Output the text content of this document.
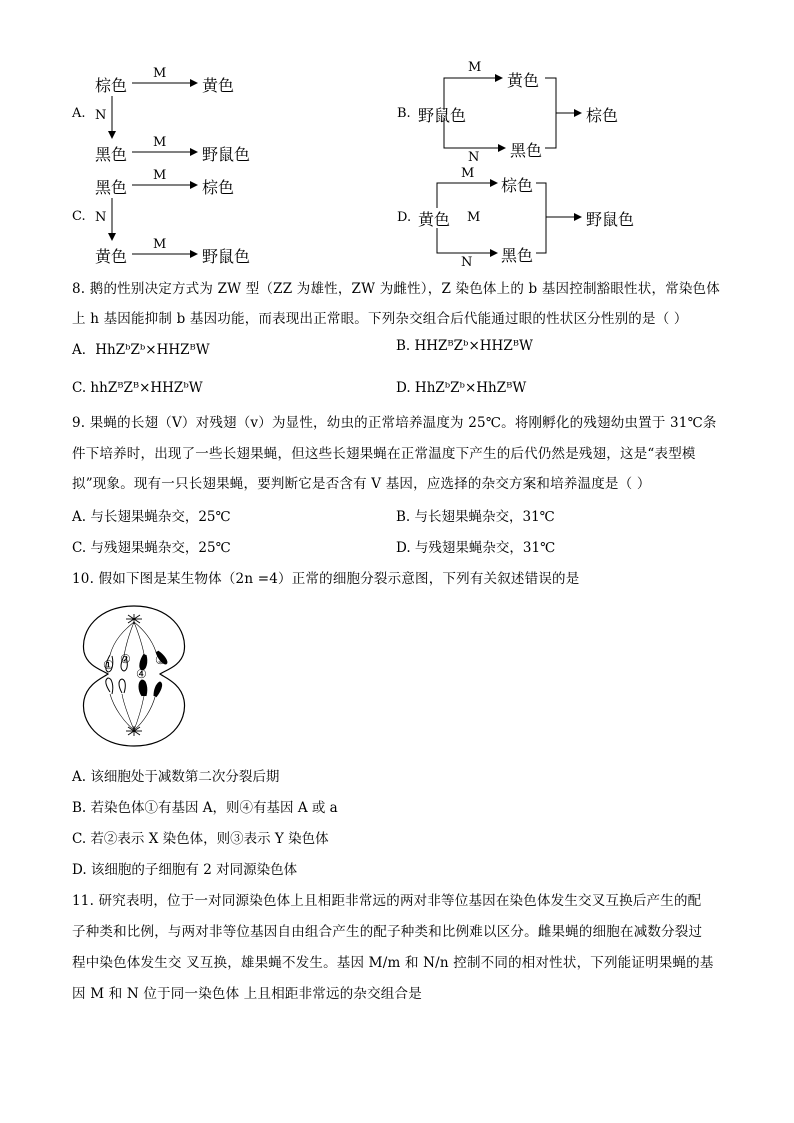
A.
棕色
M
黄色
N
黑色
M
野鼠色
C.
黑色
M
棕色
N
黄色
M
野鼠色
B. 野鼠色
M
黄色
N 黑色
棕色
D. 黄色 M
M
棕色
N 黑色
野鼠色
8. 鹅的性别决定方式为 ZW 型（ZZ 为雄性，ZW 为雌性），Z 染色体上的 b 基因控制豁眼性状，常染色体
上 h 基因能抑制 b 基因功能，而表现出正常眼。下列杂交组合后代能通过眼的性状区分性别的是（ ）
A．HhZᵇZᵇ×HHZᴮW	B. HHZᴮZᵇ×HHZᴮW
C. hhZᴮZᴮ×HHZᵇW	D. HhZᵇZᵇ×HhZᴮW
9. 果蝇的长翅（V）对残翅（v）为显性，幼虫的正常培养温度为 25℃。将刚孵化的残翅幼虫置于 31℃条
件下培养时，出现了一些长翅果蝇，但这些长翅果蝇在正常温度下产生的后代仍然是残翅，这是“表型模
拟”现象。现有一只长翅果蝇，要判断它是否含有 V 基因，应选择的杂交方案和培养温度是（ ）
A. 与长翅果蝇杂交，25℃	B. 与长翅果蝇杂交，31℃
C. 与残翅果蝇杂交，25℃	D. 与残翅果蝇杂交，31℃
10. 假如下图是某生物体（2n =4）正常的细胞分裂示意图，下列有关叙述错误的是
① ② ③
④
A. 该细胞处于减数第二次分裂后期
B. 若染色体①有基因 A，则④有基因 A 或 a
C. 若②表示 X 染色体，则③表示 Y 染色体
D. 该细胞的子细胞有 2 对同源染色体
11. 研究表明，位于一对同源染色体上且相距非常远的两对非等位基因在染色体发生交叉互换后产生的配
子种类和比例，与两对非等位基因自由组合产生的配子种类和比例难以区分。雌果蝇的细胞在减数分裂过
程中染色体发生交 叉互换，雄果蝇不发生。基因 M/m 和 N/n 控制不同的相对性状，下列能证明果蝇的基
因 M 和 N 位于同一染色体 上且相距非常远的杂交组合是
